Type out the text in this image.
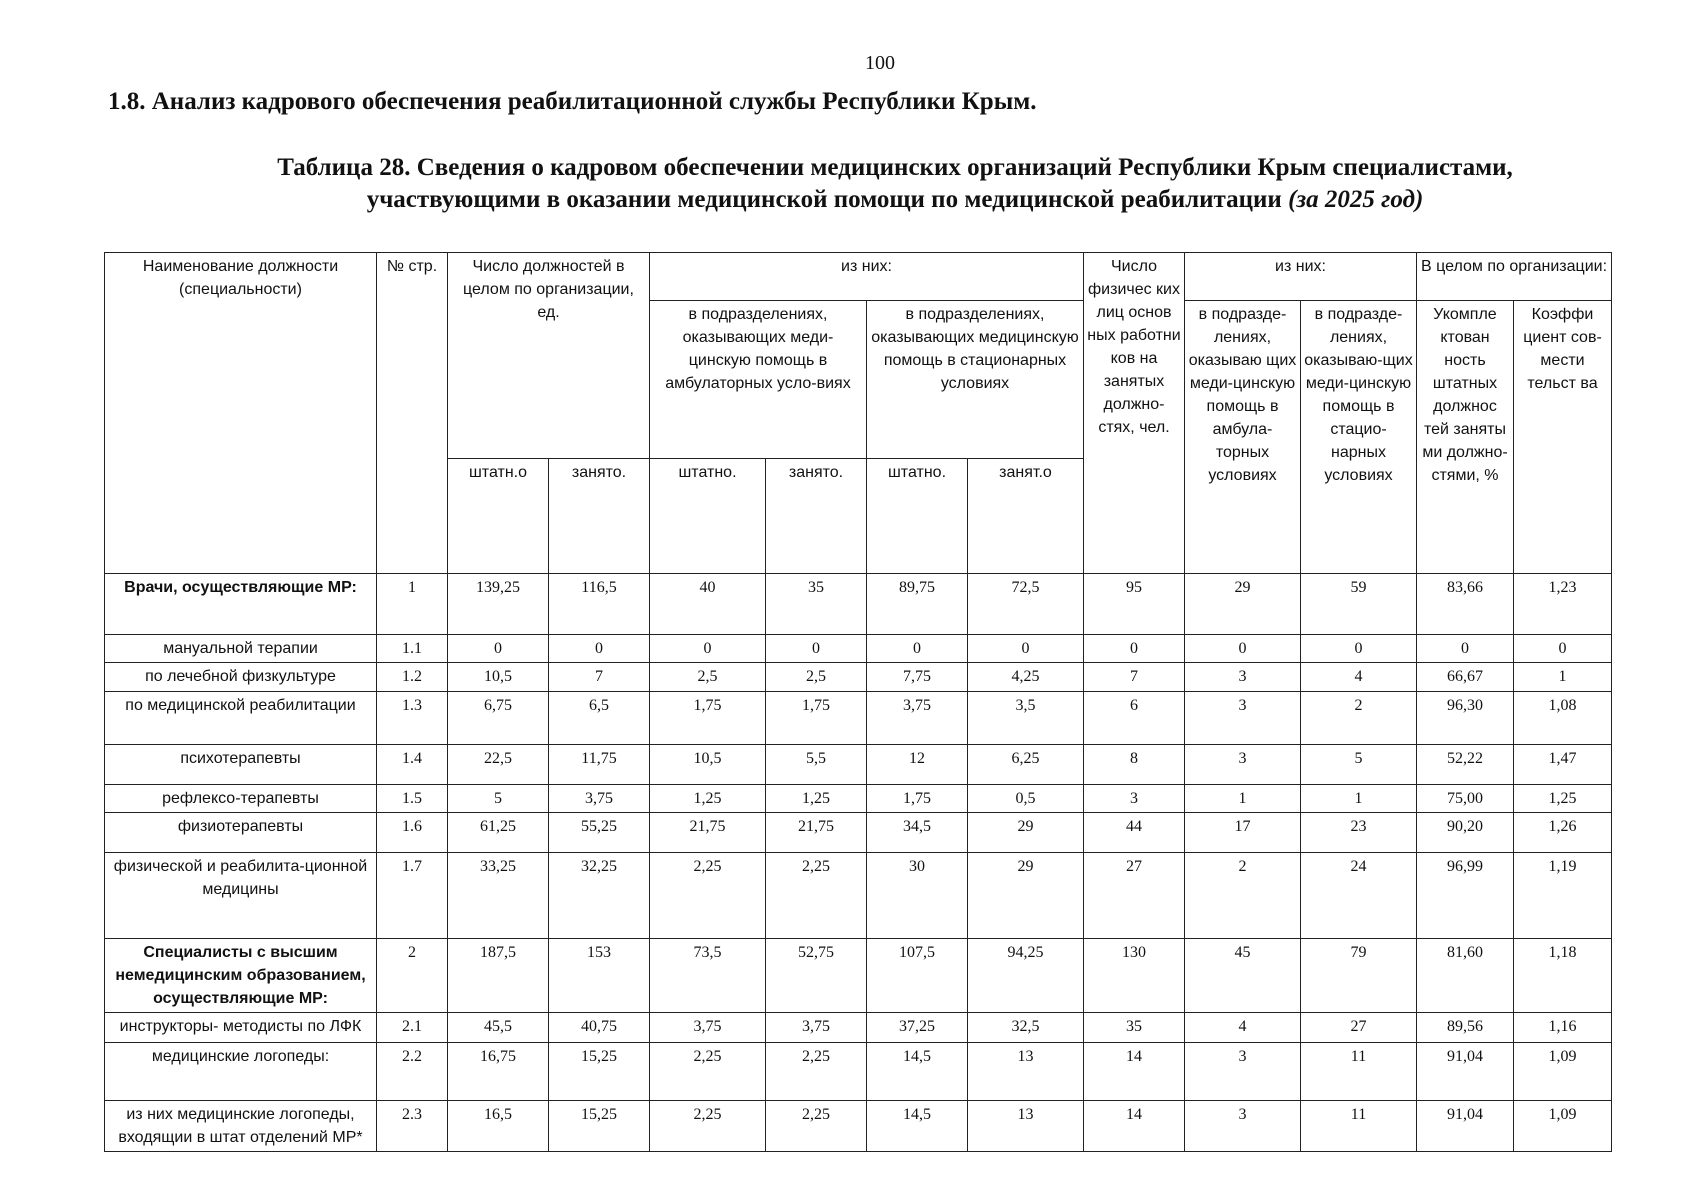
100
1.8. Анализ кадрового обеспечения реабилитационной службы Республики Крым.
Таблица 28. Сведения о кадровом обеспечении медицинских организаций Республики Крым специалистами,
участвующими в оказании медицинской помощи по медицинской реабилитации (за 2025 год)
Наименование должности (специальности)	№ стр.	Число должностей в целом по организации, ед.		из них:				Число физичес ких лиц основ ных работни ков на занятых должно-стях, чел.	из них:		В целом по организации:	
				в подразделениях, оказывающих меди-цинскую помощь в амбулаторных усло-виях		в подразделениях, оказывающих медицинскую помощь в стационарных условиях			в подразде-лениях, оказываю щих меди-цинскую помощь в амбула-торных условиях	в подразде-лениях, оказываю-щих меди-цинскую помощь в стацио-нарных условиях	Укомпле ктован ность штатных должнос тей заняты ми должно-стями, %	Коэффи циент сов-мести тельст ва
		штатн.о	занято.	штатно.	занято.	штатно.	занят.о					
Врачи, осуществляющие МР:	1	139,25	116,5	40	35	89,75	72,5	95	29	59	83,66	1,23
мануальной терапии	1.1	0	0	0	0	0	0	0	0	0	0	0
по лечебной физкультуре	1.2	10,5	7	2,5	2,5	7,75	4,25	7	3	4	66,67	1
по медицинской реабилитации	1.3	6,75	6,5	1,75	1,75	3,75	3,5	6	3	2	96,30	1,08
психотерапевты	1.4	22,5	11,75	10,5	5,5	12	6,25	8	3	5	52,22	1,47
рефлексо-терапевты	1.5	5	3,75	1,25	1,25	1,75	0,5	3	1	1	75,00	1,25
физиотерапевты	1.6	61,25	55,25	21,75	21,75	34,5	29	44	17	23	90,20	1,26
физической и реабилита-ционной медицины	1.7	33,25	32,25	2,25	2,25	30	29	27	2	24	96,99	1,19
Специалисты с высшим немедицинским образованием, осуществляющие МР:	2	187,5	153	73,5	52,75	107,5	94,25	130	45	79	81,60	1,18
инструкторы- методисты по ЛФК	2.1	45,5	40,75	3,75	3,75	37,25	32,5	35	4	27	89,56	1,16
медицинские логопеды:	2.2	16,75	15,25	2,25	2,25	14,5	13	14	3	11	91,04	1,09
из них медицинские логопеды, входящии в штат отделений МР*	2.3	16,5	15,25	2,25	2,25	14,5	13	14	3	11	91,04	1,09
